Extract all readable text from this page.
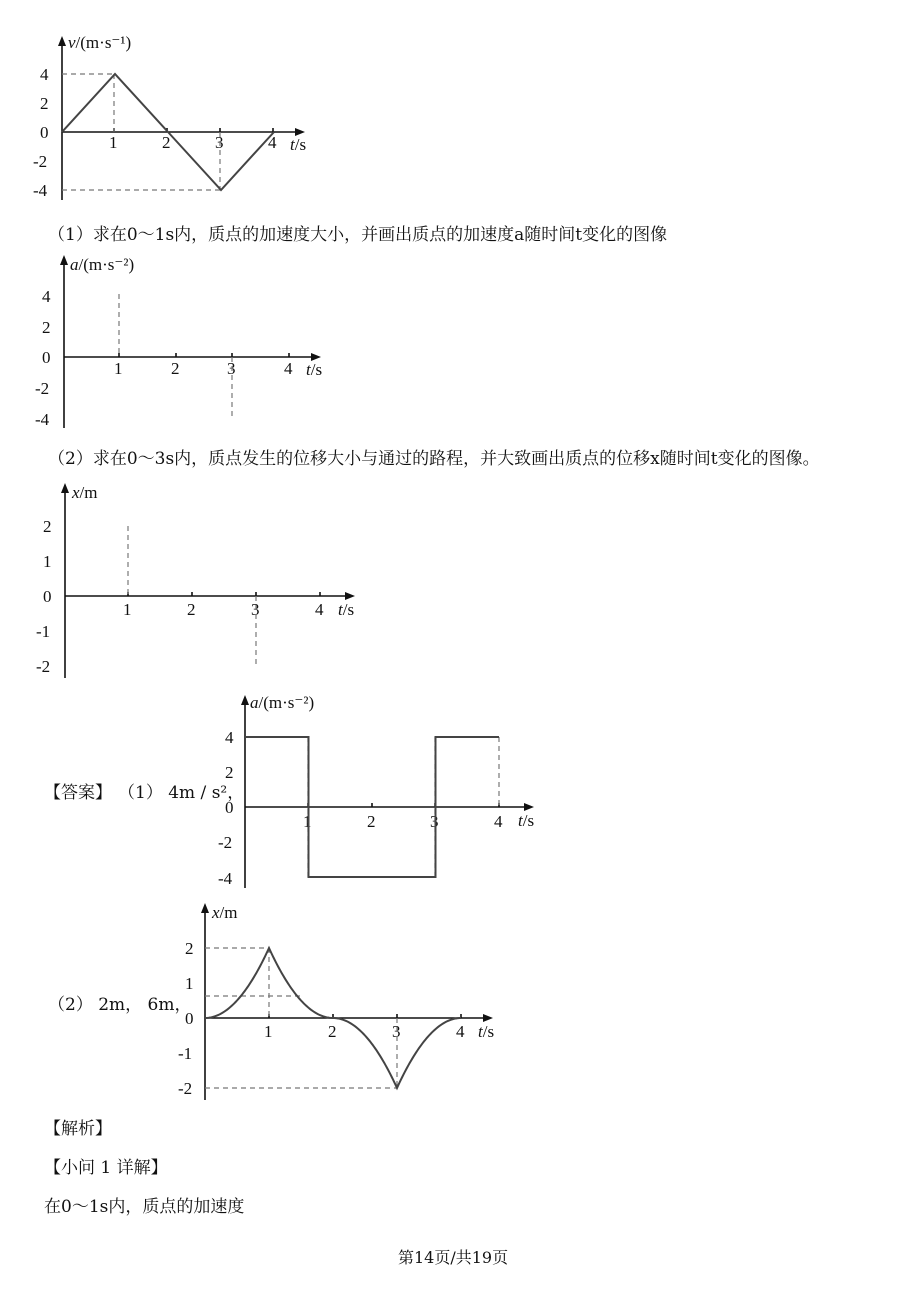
v/(m·s⁻¹)
t/s
4
2
0
-2
-4
1	2	3	4
（1）求在0～1s内，质点的加速度大小，并画出质点的加速度a随时间t变化的图像
a/(m·s⁻²)
t/s
4
2
0
-2
-4
1	2	3	4
（2）求在0～3s内，质点发生的位移大小与通过的路程，并大致画出质点的位移x随时间t变化的图像。
x/m
t/s
2
1
0
-1
-2
1	2	3	4
【答案】 （1） 4m / s²，
a/(m·s⁻²)
t/s
4
2
0
-2
-4
1	2	3	4
（2） 2m， 6m，
x/m
t/s
2
1
0
-1
-2
1	2	3	4
【解析】
【小问 1 详解】
在0～1s内，质点的加速度
第14页/共19页
